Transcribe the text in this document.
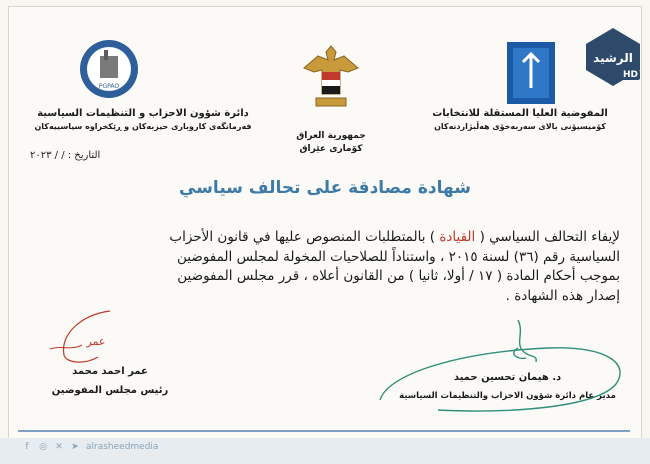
الرشيد
HD
PGPAO
دائرة شؤون الاحزاب و التنظيمات السياسية
فەرمانگەی کاروباری حیزبەکان و ڕێکخراوە سیاسییەکان
جمهورية العراق
کۆماری عێراق
المفوضية العليا المستقلة للانتخابات
کۆمیسیۆنی بالای سەربەخۆی هەڵبژاردنەکان
التاريخ : / / ٢٠٢٣
شهادة مصادقة على تحالف سياسي
لإيفاء التحالف السياسي ( القيادة ) بالمتطلبات المنصوص عليها في قانون الأحزاب
السياسية رقم (٣٦) لسنة ٢٠١٥ ، واستناداً للصلاحيات المخولة لمجلس المفوضين
بموجب أحكام المادة ( ١٧ / أولا، ثانيا ) من القانون أعلاه ، قرر مجلس المفوضين
إصدار هذه الشهادة .
عمر
عمر احمد محمد
رئيس مجلس المفوضين
د. هيمان تحسين حميد
مدير عام دائرة شؤون الاحزاب والتنظيمات السياسية
f	◎ ✕ ➤ alrasheedmedia
